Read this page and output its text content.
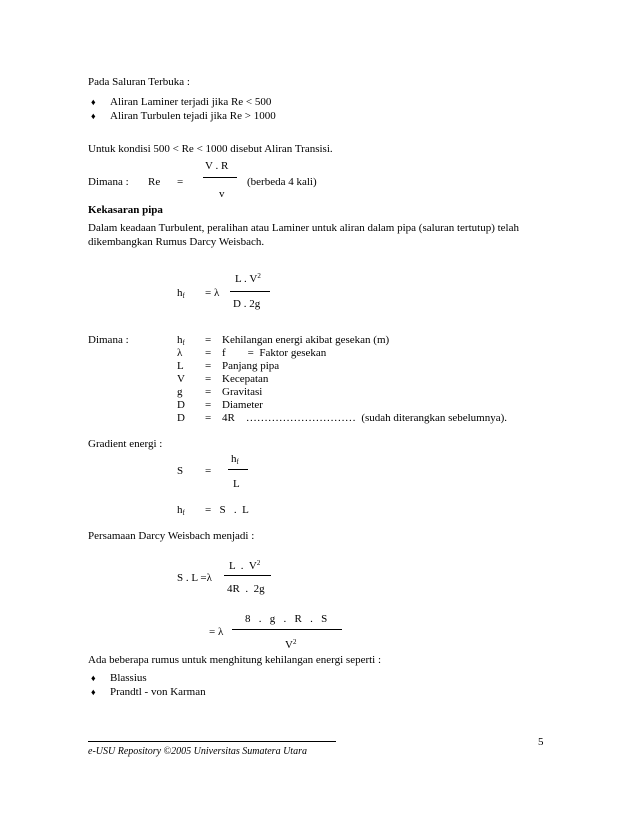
Pada Saluran Terbuka :
♦ Aliran Laminer terjadi jika Re < 500
♦ Aliran Turbulen tejadi jika Re > 1000
Untuk kondisi 500 < Re < 1000 disebut Aliran Transisi.
V . R
Dimana : Re =	(berbeda 4 kali)
v
Kekasaran pipa
Dalam keadaan Turbulent, peralihan atau Laminer untuk aliran dalam pipa (saluran tertutup) telah
dikembangkan Rumus Darcy Weisbach.
L . $V^2$
$h_f = \lambda$
D . 2g
Dimana :	$h_f$ = Kehilangan energi akibat gesekan (m)
λ = f        =  Faktor gesekan
L = Panjang pipa
V = Kecepatan
g = Gravitasi
D = Diameter
D = 4R    …………………………  (sudah diterangkan sebelumnya).
Gradient energi :
$h_f$
S =
L
$h_f = S$   .  L
Persamaan Darcy Weisbach menjadi :
L  .  $V^2$
S . L =λ
4R  .  2g
8   .   g   .   R   .   S
= λ
$V^2$
Ada beberapa rumus untuk menghitung kehilangan energi seperti :
♦ Blassius
♦ Prandtl - von Karman
5
e-USU Repository ©2005 Universitas Sumatera Utara
